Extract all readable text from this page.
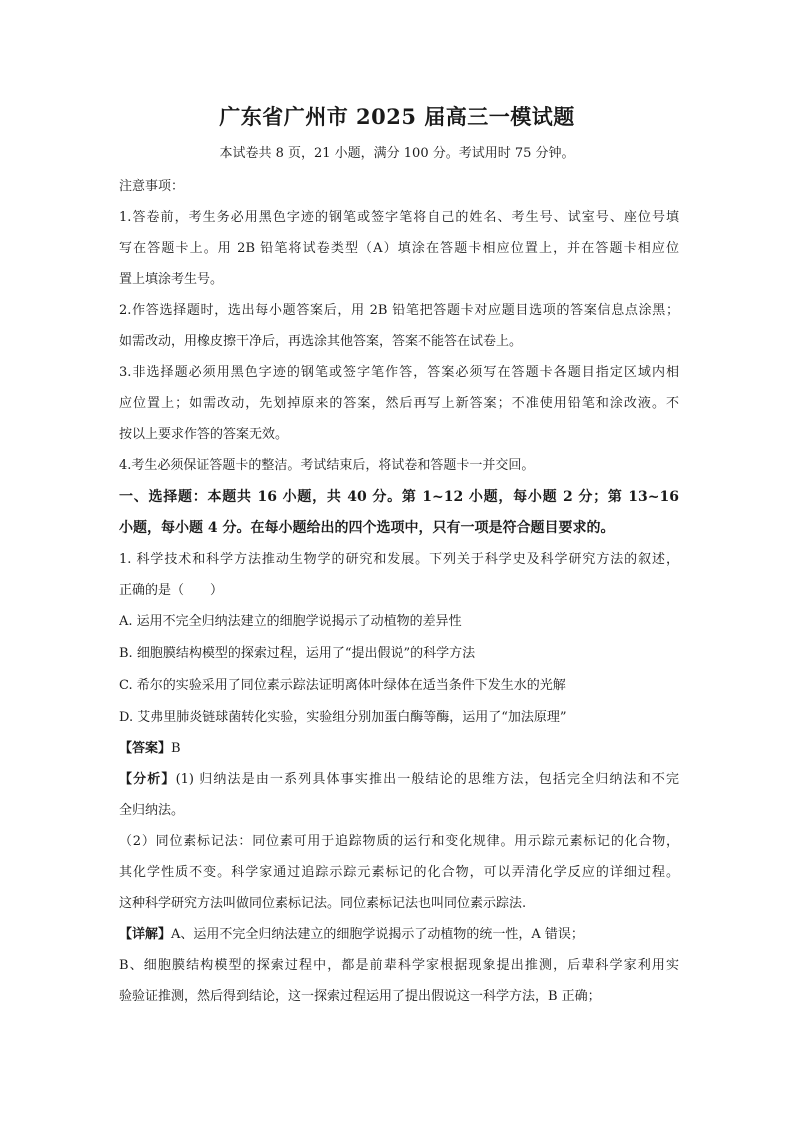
广东省广州市 2025 届高三一模试题
本试卷共 8 页，21 小题，满分 100 分。考试用时 75 分钟。
注意事项：
1.答卷前，考生务必用黑色字迹的钢笔或签字笔将自己的姓名、考生号、试室号、座位号填
写在答题卡上。用 2B 铅笔将试卷类型（A）填涂在答题卡相应位置上，并在答题卡相应位
置上填涂考生号。
2.作答选择题时，选出每小题答案后，用 2B 铅笔把答题卡对应题目选项的答案信息点涂黑；
如需改动，用橡皮擦干净后，再选涂其他答案，答案不能答在试卷上。
3.非选择题必须用黑色字迹的钢笔或签字笔作答，答案必须写在答题卡各题目指定区域内相
应位置上；如需改动，先划掉原来的答案，然后再写上新答案；不准使用铅笔和涂改液。不
按以上要求作答的答案无效。
4.考生必须保证答题卡的整洁。考试结束后，将试卷和答题卡一并交回。
一、选择题：本题共 16 小题，共 40 分。第 1~12 小题，每小题 2 分；第 13~16
小题，每小题 4 分。在每小题给出的四个选项中，只有一项是符合题目要求的。
1. 科学技术和科学方法推动生物学的研究和发展。下列关于科学史及科学研究方法的叙述，
正确的是（　　）
A. 运用不完全归纳法建立的细胞学说揭示了动植物的差异性
B. 细胞膜结构模型的探索过程，运用了“提出假说”的科学方法
C. 希尔的实验采用了同位素示踪法证明离体叶绿体在适当条件下发生水的光解
D. 艾弗里肺炎链球菌转化实验，实验组分别加蛋白酶等酶，运用了“加法原理”
【答案】B
【分析】(1) 归纳法是由一系列具体事实推出一般结论的思维方法，包括完全归纳法和不完
全归纳法。
（2）同位素标记法：同位素可用于追踪物质的运行和变化规律。用示踪元素标记的化合物，
其化学性质不变。科学家通过追踪示踪元素标记的化合物，可以弄清化学反应的详细过程。
这种科学研究方法叫做同位素标记法。同位素标记法也叫同位素示踪法.
【详解】A、运用不完全归纳法建立的细胞学说揭示了动植物的统一性，A 错误；
B、细胞膜结构模型的探索过程中，都是前辈科学家根据现象提出推测，后辈科学家利用实
验验证推测，然后得到结论，这一探索过程运用了提出假说这一科学方法，B 正确；
